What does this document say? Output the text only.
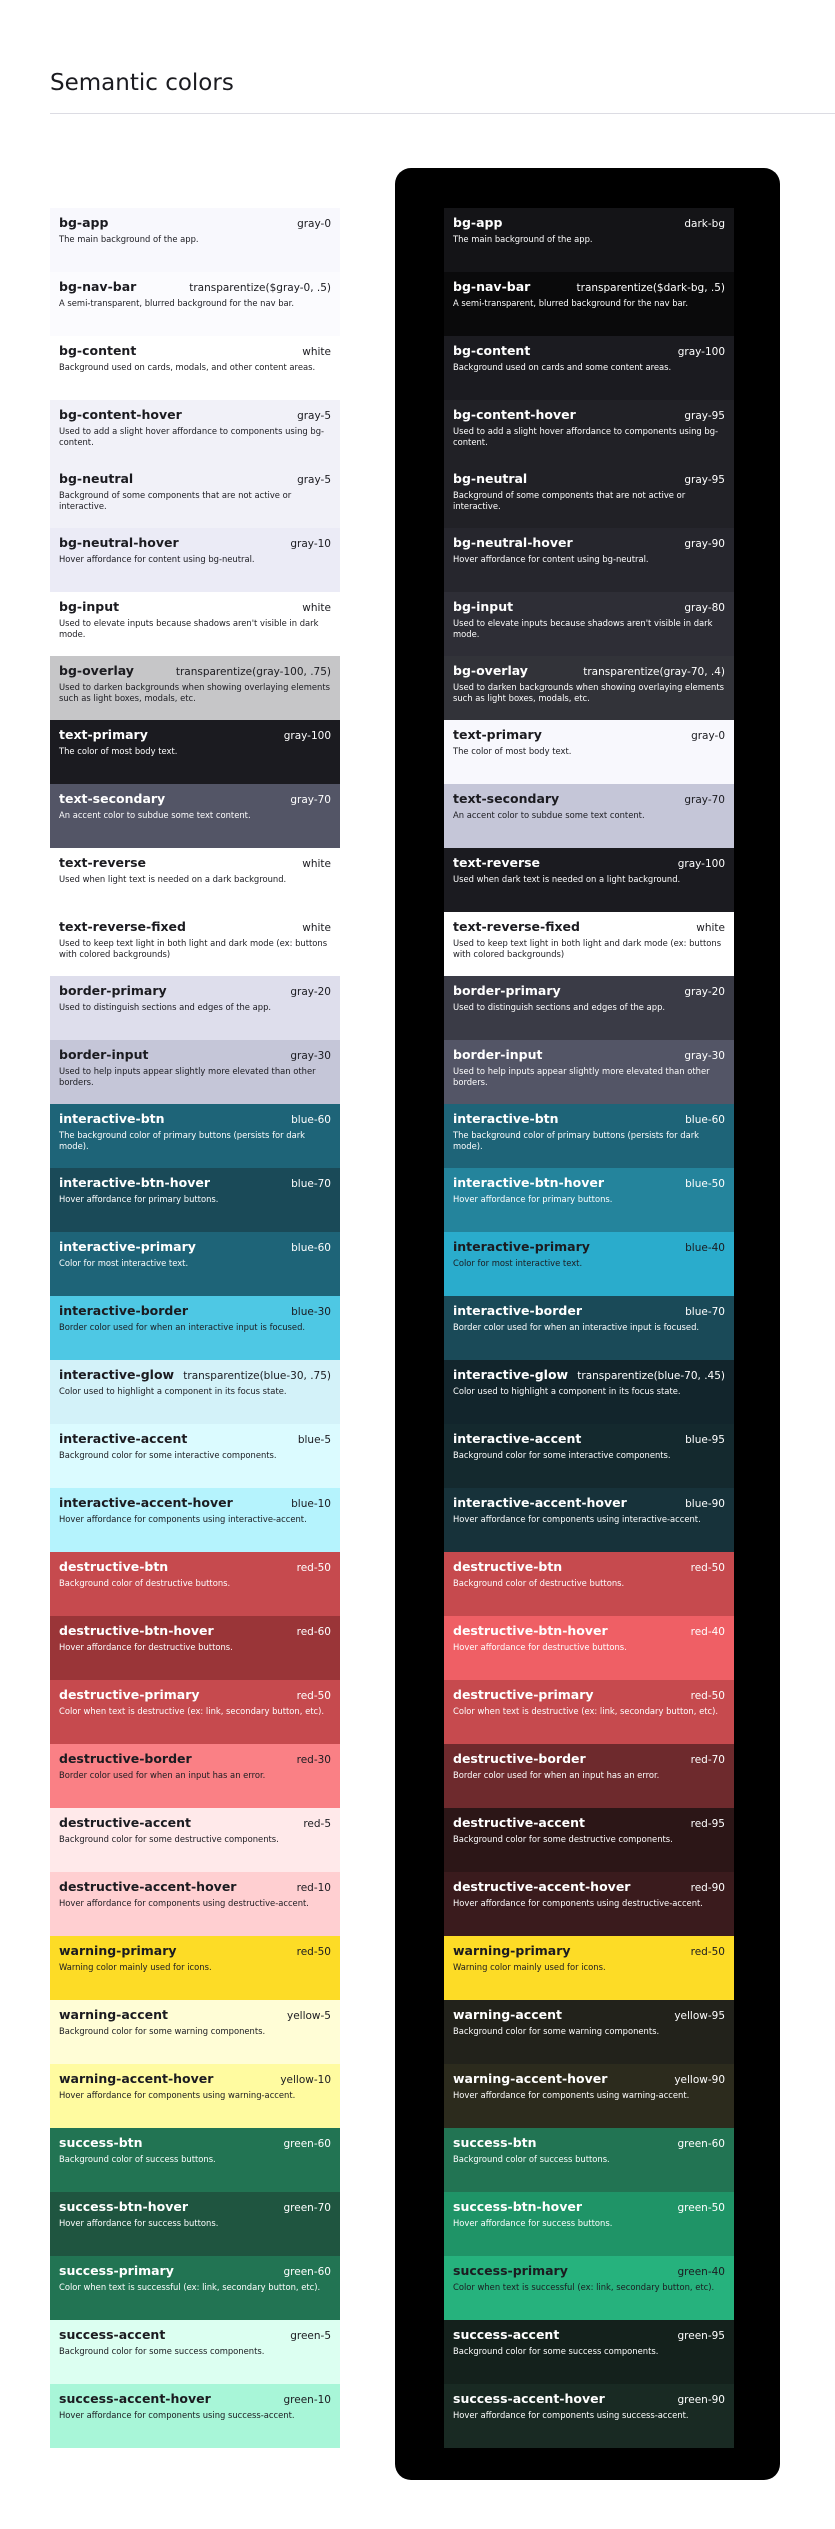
Semantic colors
bg-app	gray-0
The main background of the app.
bg-nav-bar	transparentize($gray-0, .5)
A semi-transparent, blurred background for the nav bar.
bg-content	white
Background used on cards, modals, and other content areas.
bg-content-hover	gray-5
Used to add a slight hover affordance to components using bg-content.
bg-neutral	gray-5
Background of some components that are not active or interactive.
bg-neutral-hover	gray-10
Hover affordance for content using bg-neutral.
bg-input	white
Used to elevate inputs because shadows aren't visible in dark mode.
bg-overlay	transparentize(gray-100, .75)
Used to darken backgrounds when showing overlaying elements such as light boxes, modals, etc.
text-primary	gray-100
The color of most body text.
text-secondary	gray-70
An accent color to subdue some text content.
text-reverse	white
Used when light text is needed on a dark background.
text-reverse-fixed	white
Used to keep text light in both light and dark mode (ex: buttons with colored backgrounds)
border-primary	gray-20
Used to distinguish sections and edges of the app.
border-input	gray-30
Used to help inputs appear slightly more elevated than other borders.
interactive-btn	blue-60
The background color of primary buttons (persists for dark mode).
interactive-btn-hover	blue-70
Hover affordance for primary buttons.
interactive-primary	blue-60
Color for most interactive text.
interactive-border	blue-30
Border color used for when an interactive input is focused.
interactive-glow transparentize(blue-30, .75)
Color used to highlight a component in its focus state.
interactive-accent	blue-5
Background color for some interactive components.
interactive-accent-hover	blue-10
Hover affordance for components using interactive-accent.
destructive-btn	red-50
Background color of destructive buttons.
destructive-btn-hover	red-60
Hover affordance for destructive buttons.
destructive-primary	red-50
Color when text is destructive (ex: link, secondary button, etc).
destructive-border	red-30
Border color used for when an input has an error.
destructive-accent	red-5
Background color for some destructive components.
destructive-accent-hover	red-10
Hover affordance for components using destructive-accent.
warning-primary	red-50
Warning color mainly used for icons.
warning-accent	yellow-5
Background color for some warning components.
warning-accent-hover	yellow-10
Hover affordance for components using warning-accent.
success-btn	green-60
Background color of success buttons.
success-btn-hover	green-70
Hover affordance for success buttons.
success-primary	green-60
Color when text is successful (ex: link, secondary button, etc).
success-accent	green-5
Background color for some success components.
success-accent-hover	green-10
Hover affordance for components using success-accent.
bg-app	dark-bg
The main background of the app.
bg-nav-bar	transparentize($dark-bg, .5)
A semi-transparent, blurred background for the nav bar.
bg-content	gray-100
Background used on cards and some content areas.
bg-content-hover	gray-95
Used to add a slight hover affordance to components using bg-content.
bg-neutral	gray-95
Background of some components that are not active or interactive.
bg-neutral-hover	gray-90
Hover affordance for content using bg-neutral.
bg-input	gray-80
Used to elevate inputs because shadows aren't visible in dark mode.
bg-overlay	transparentize(gray-70, .4)
Used to darken backgrounds when showing overlaying elements such as light boxes, modals, etc.
text-primary	gray-0
The color of most body text.
text-secondary	gray-70
An accent color to subdue some text content.
text-reverse	gray-100
Used when dark text is needed on a light background.
text-reverse-fixed	white
Used to keep text light in both light and dark mode (ex: buttons with colored backgrounds)
border-primary	gray-20
Used to distinguish sections and edges of the app.
border-input	gray-30
Used to help inputs appear slightly more elevated than other borders.
interactive-btn	blue-60
The background color of primary buttons (persists for dark mode).
interactive-btn-hover	blue-50
Hover affordance for primary buttons.
interactive-primary	blue-40
Color for most interactive text.
interactive-border	blue-70
Border color used for when an interactive input is focused.
interactive-glow transparentize(blue-70, .45)
Color used to highlight a component in its focus state.
interactive-accent	blue-95
Background color for some interactive components.
interactive-accent-hover	blue-90
Hover affordance for components using interactive-accent.
destructive-btn	red-50
Background color of destructive buttons.
destructive-btn-hover	red-40
Hover affordance for destructive buttons.
destructive-primary	red-50
Color when text is destructive (ex: link, secondary button, etc).
destructive-border	red-70
Border color used for when an input has an error.
destructive-accent	red-95
Background color for some destructive components.
destructive-accent-hover	red-90
Hover affordance for components using destructive-accent.
warning-primary	red-50
Warning color mainly used for icons.
warning-accent	yellow-95
Background color for some warning components.
warning-accent-hover	yellow-90
Hover affordance for components using warning-accent.
success-btn	green-60
Background color of success buttons.
success-btn-hover	green-50
Hover affordance for success buttons.
success-primary	green-40
Color when text is successful (ex: link, secondary button, etc).
success-accent	green-95
Background color for some success components.
success-accent-hover	green-90
Hover affordance for components using success-accent.
